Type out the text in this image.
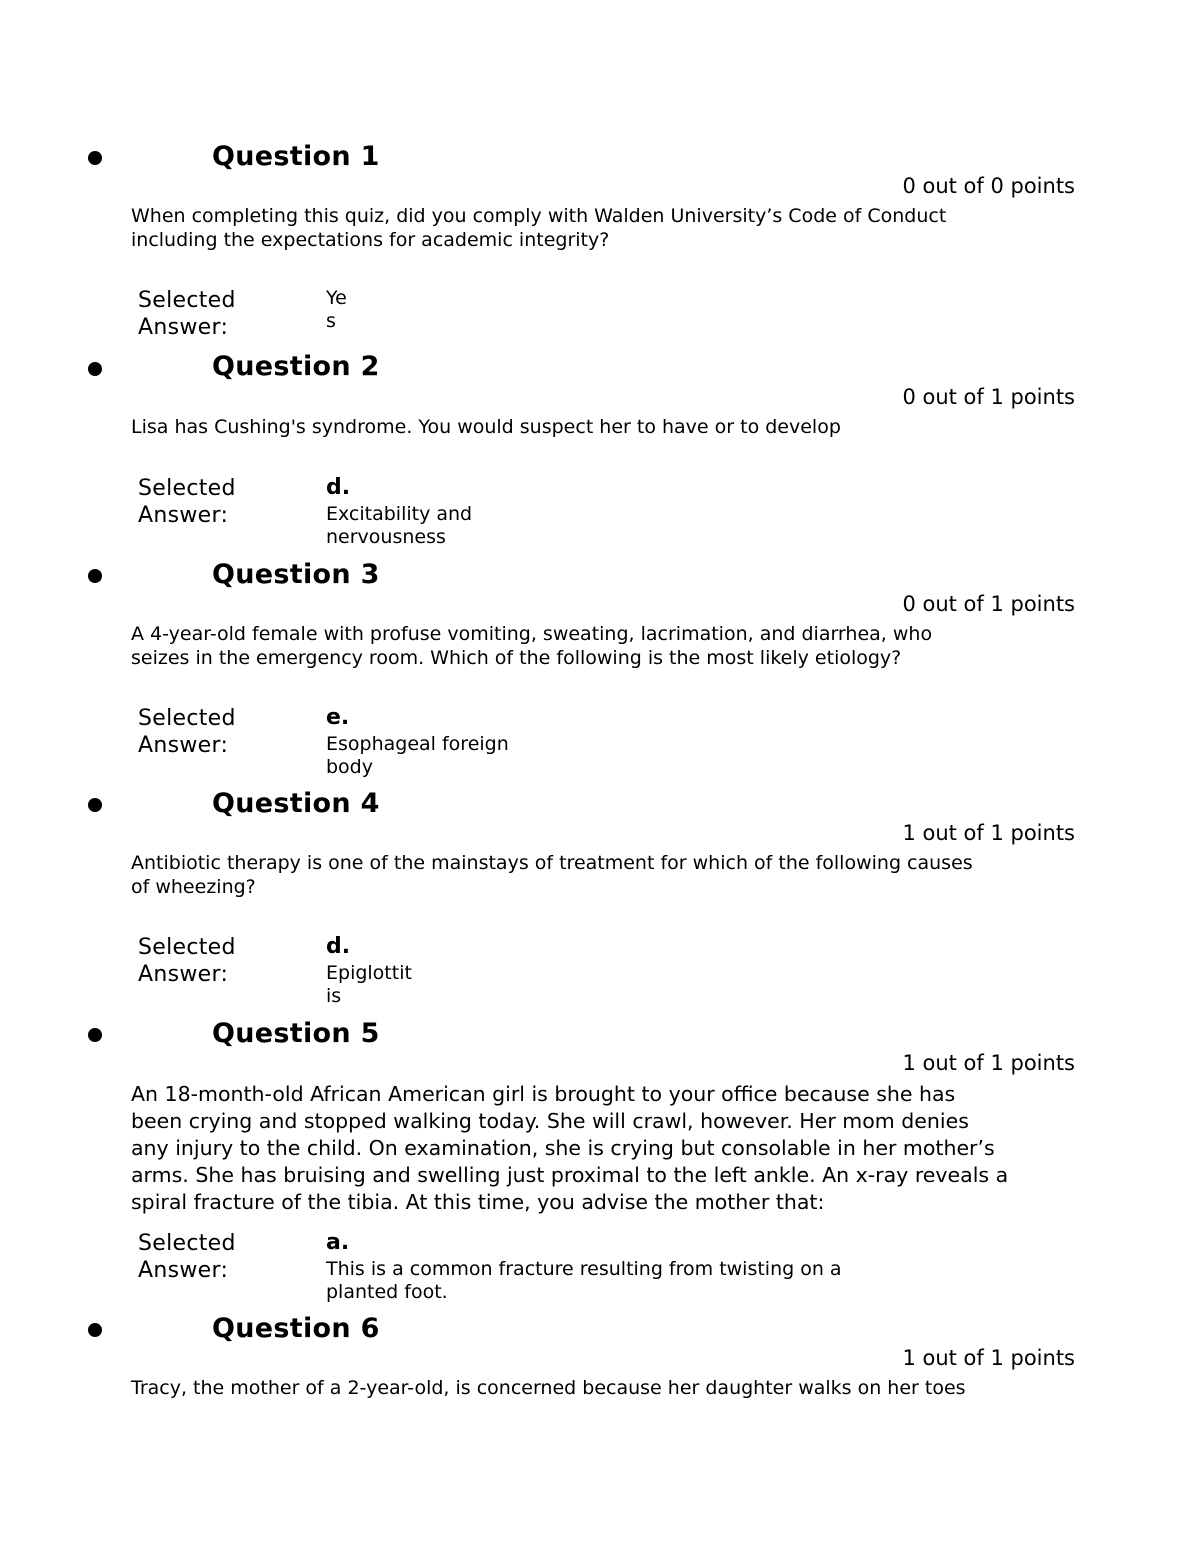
Question 1
0 out of 0 points
When completing this quiz, did you comply with Walden University’s Code of Conduct
including the expectations for academic integrity?
Selected
Answer:
Ye
s
Question 2
0 out of 1 points
Lisa has Cushing's syndrome. You would suspect her to have or to develop
Selected
Answer:
d.
Excitability and
nervousness
Question 3
0 out of 1 points
A 4-year-old female with profuse vomiting, sweating, lacrimation, and diarrhea, who
seizes in the emergency room. Which of the following is the most likely etiology?
Selected
Answer:
e.
Esophageal foreign
body
Question 4
1 out of 1 points
Antibiotic therapy is one of the mainstays of treatment for which of the following causes
of wheezing?
Selected
Answer:
d.
Epiglottit
is
Question 5
1 out of 1 points
An 18-month-old African American girl is brought to your office because she has
been crying and stopped walking today. She will crawl, however. Her mom denies
any injury to the child. On examination, she is crying but consolable in her mother’s
arms. She has bruising and swelling just proximal to the left ankle. An x-ray reveals a
spiral fracture of the tibia. At this time, you advise the mother that:
Selected
Answer:
a.
This is a common fracture resulting from twisting on a
planted foot.
Question 6
1 out of 1 points
Tracy, the mother of a 2-year-old, is concerned because her daughter walks on her toes
